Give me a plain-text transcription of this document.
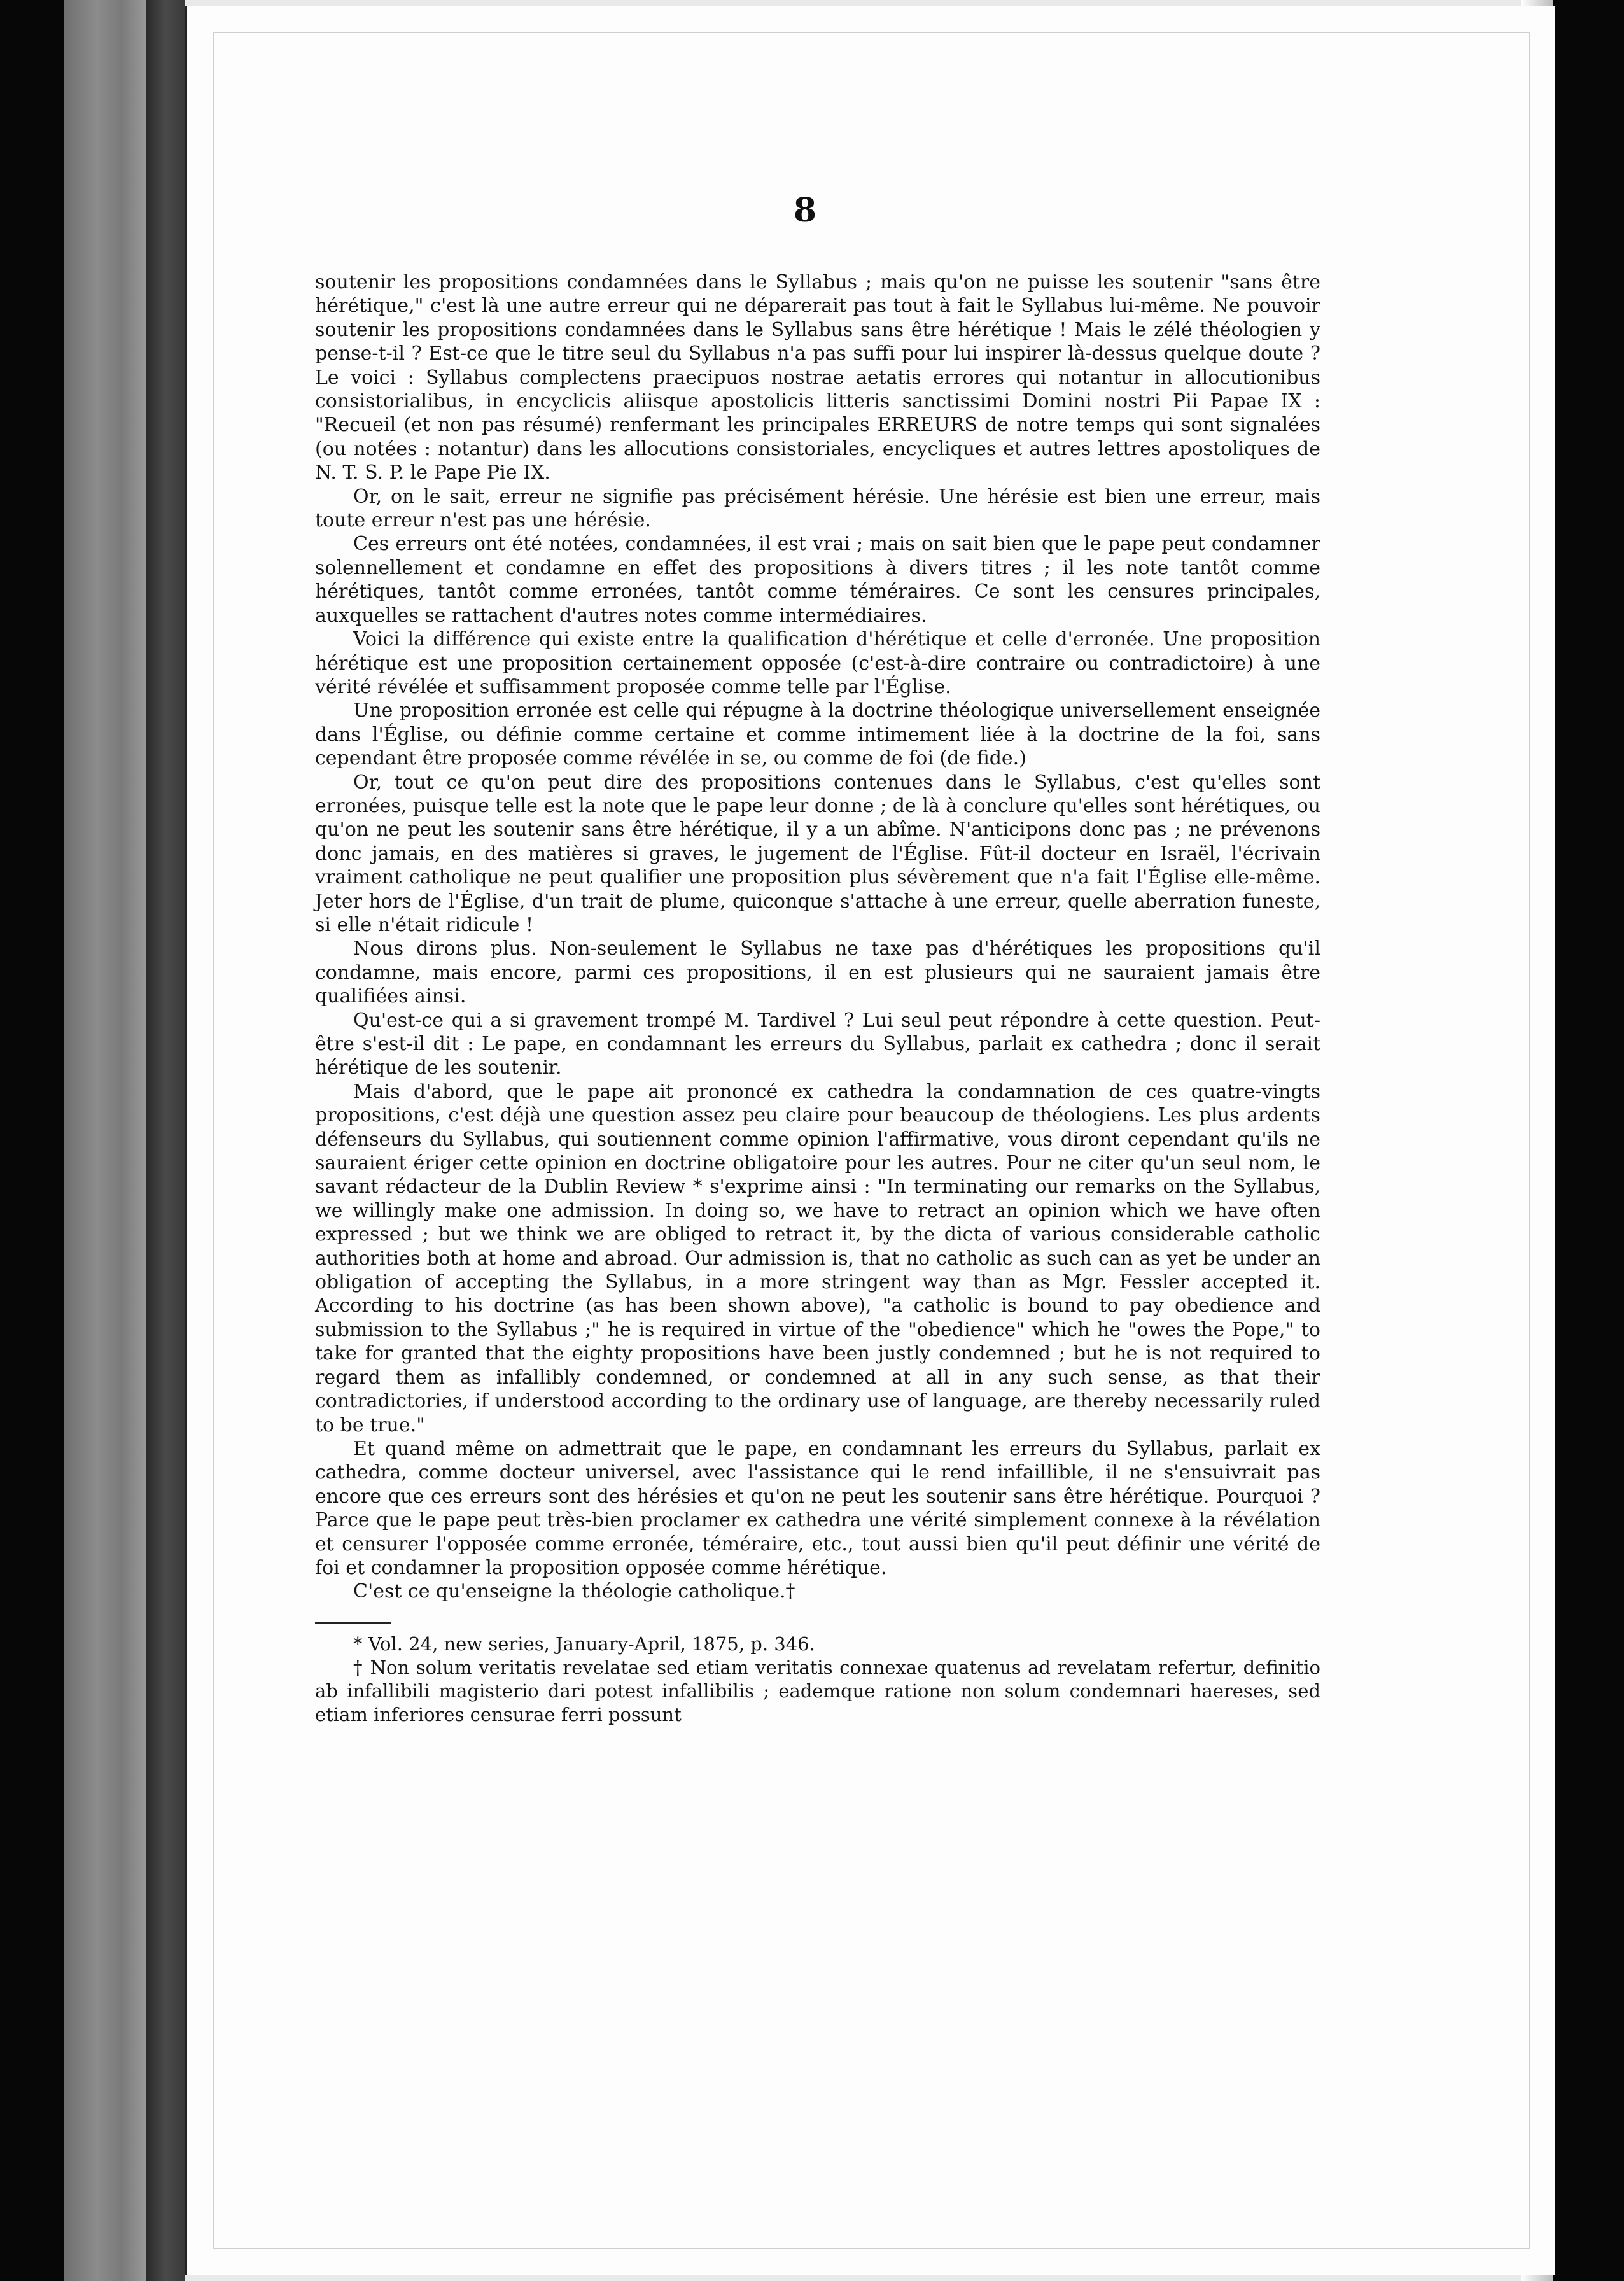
8

soutenir les propositions condamnées dans le Syllabus ; mais qu'on ne puisse les soutenir "sans être hérétique," c'est là une autre erreur qui ne déparerait pas tout à fait le Syllabus lui-même. Ne pouvoir soutenir les propositions condamnées dans le Syllabus sans être hérétique ! Mais le zélé théologien y pense-t-il ? Est-ce que le titre seul du Syllabus n'a pas suffi pour lui inspirer là-dessus quelque doute ? Le voici : Syllabus complectens praecipuos nostrae aetatis errores qui notantur in allocutionibus consistorialibus, in encyclicis aliisque apostolicis litteris sanctissimi Domini nostri Pii Papae IX : "Recueil (et non pas résumé) renfermant les principales ERREURS de notre temps qui sont signalées (ou notées : notantur) dans les allocutions consistoriales, encycliques et autres lettres apostoliques de N. T. S. P. le Pape Pie IX.

Or, on le sait, erreur ne signifie pas précisément hérésie. Une hérésie est bien une erreur, mais toute erreur n'est pas une hérésie.

Ces erreurs ont été notées, condamnées, il est vrai ; mais on sait bien que le pape peut condamner solennellement et condamne en effet des propositions à divers titres ; il les note tantôt comme hérétiques, tantôt comme erronées, tantôt comme téméraires. Ce sont les censures principales, auxquelles se rattachent d'autres notes comme intermédiaires.

Voici la différence qui existe entre la qualification d'hérétique et celle d'erronée. Une proposition hérétique est une proposition certainement opposée (c'est-à-dire contraire ou contradictoire) à une vérité révélée et suffisamment proposée comme telle par l'Église.

Une proposition erronée est celle qui répugne à la doctrine théologique universellement enseignée dans l'Église, ou définie comme certaine et comme intimement liée à la doctrine de la foi, sans cependant être proposée comme révélée in se, ou comme de foi (de fide.)

Or, tout ce qu'on peut dire des propositions contenues dans le Syllabus, c'est qu'elles sont erronées, puisque telle est la note que le pape leur donne ; de là à conclure qu'elles sont hérétiques, ou qu'on ne peut les soutenir sans être hérétique, il y a un abîme. N'anticipons donc pas ; ne prévenons donc jamais, en des matières si graves, le jugement de l'Église. Fût-il docteur en Israël, l'écrivain vraiment catholique ne peut qualifier une proposition plus sévèrement que n'a fait l'Église elle-même. Jeter hors de l'Église, d'un trait de plume, quiconque s'attache à une erreur, quelle aberration funeste, si elle n'était ridicule !

Nous dirons plus. Non-seulement le Syllabus ne taxe pas d'hérétiques les propositions qu'il condamne, mais encore, parmi ces propositions, il en est plusieurs qui ne sauraient jamais être qualifiées ainsi.

Qu'est-ce qui a si gravement trompé M. Tardivel ? Lui seul peut répondre à cette question. Peut-être s'est-il dit : Le pape, en condamnant les erreurs du Syllabus, parlait ex cathedra ; donc il serait hérétique de les soutenir.

Mais d'abord, que le pape ait prononcé ex cathedra la condamnation de ces quatre-vingts propositions, c'est déjà une question assez peu claire pour beaucoup de théologiens. Les plus ardents défenseurs du Syllabus, qui soutiennent comme opinion l'affirmative, vous diront cependant qu'ils ne sauraient ériger cette opinion en doctrine obligatoire pour les autres. Pour ne citer qu'un seul nom, le savant rédacteur de la Dublin Review * s'exprime ainsi : "In terminating our remarks on the Syllabus, we willingly make one admission. In doing so, we have to retract an opinion which we have often expressed ; but we think we are obliged to retract it, by the dicta of various considerable catholic authorities both at home and abroad. Our admission is, that no catholic as such can as yet be under an obligation of accepting the Syllabus, in a more stringent way than as Mgr. Fessler accepted it. According to his doctrine (as has been shown above), "a catholic is bound to pay obedience and submission to the Syllabus ;" he is required in virtue of the "obedience" which he "owes the Pope," to take for granted that the eighty propositions have been justly condemned ; but he is not required to regard them as infallibly condemned, or condemned at all in any such sense, as that their contradictories, if understood according to the ordinary use of language, are thereby necessarily ruled to be true."

Et quand même on admettrait que le pape, en condamnant les erreurs du Syllabus, parlait ex cathedra, comme docteur universel, avec l'assistance qui le rend infaillible, il ne s'ensuivrait pas encore que ces erreurs sont des hérésies et qu'on ne peut les soutenir sans être hérétique. Pourquoi ? Parce que le pape peut très-bien proclamer ex cathedra une vérité simplement connexe à la révélation et censurer l'opposée comme erronée, téméraire, etc., tout aussi bien qu'il peut définir une vérité de foi et condamner la proposition opposée comme hérétique.

C'est ce qu'enseigne la théologie catholique.†

* Vol. 24, new series, January-April, 1875, p. 346.

† Non solum veritatis revelatae sed etiam veritatis connexae quatenus ad revelatam refertur, definitio ab infallibili magisterio dari potest infallibilis ; eademque ratione non solum condemnari haereses, sed etiam inferiores censurae ferri possunt
